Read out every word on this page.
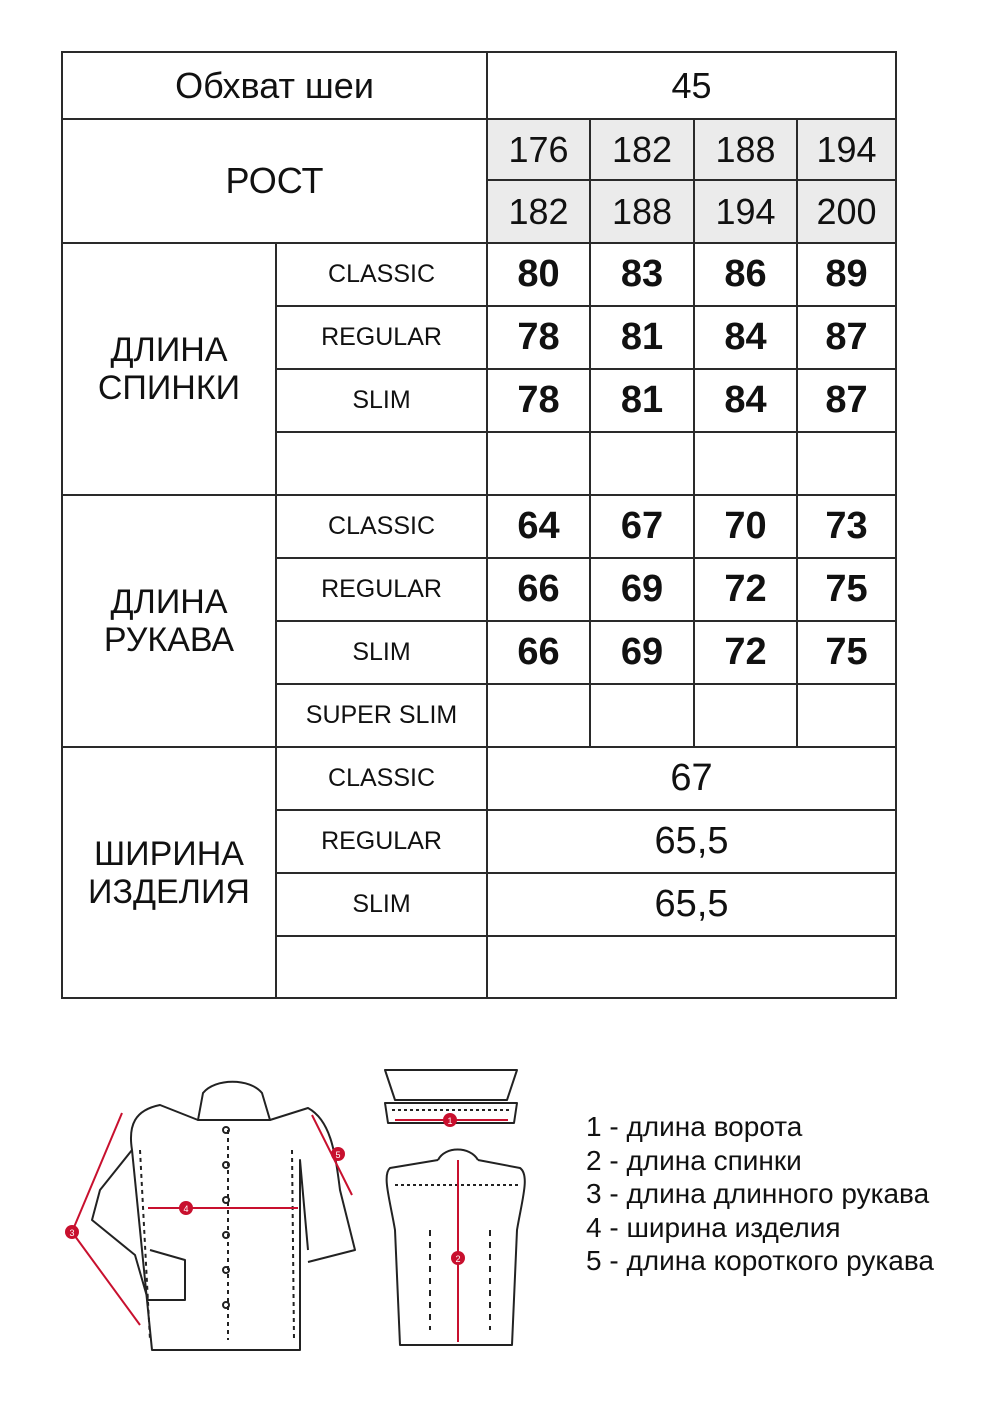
Обхват шеи		45			
РОСТ		176	182	188	194
		182	188	194	200

ДЛИНА
СПИНКИ	CLASSIC	80	83	86	89
	REGULAR	78	81	84	87
	SLIM	78	81	84	87

ДЛИНА
РУКАВА	CLASSIC	64	67	70	73
	REGULAR	66	69	72	75
	SLIM	66	69	72	75
	SUPER SLIM				

ШИРИНА
ИЗДЕЛИЯ	CLASSIC	67			
	REGULAR	65,5			
	SLIM	65,5			

1
2
3
4
5
1 - длина ворота
2 - длина спинки
3 - длина длинного рукава
4 - ширина изделия
5 - длина короткого рукава
